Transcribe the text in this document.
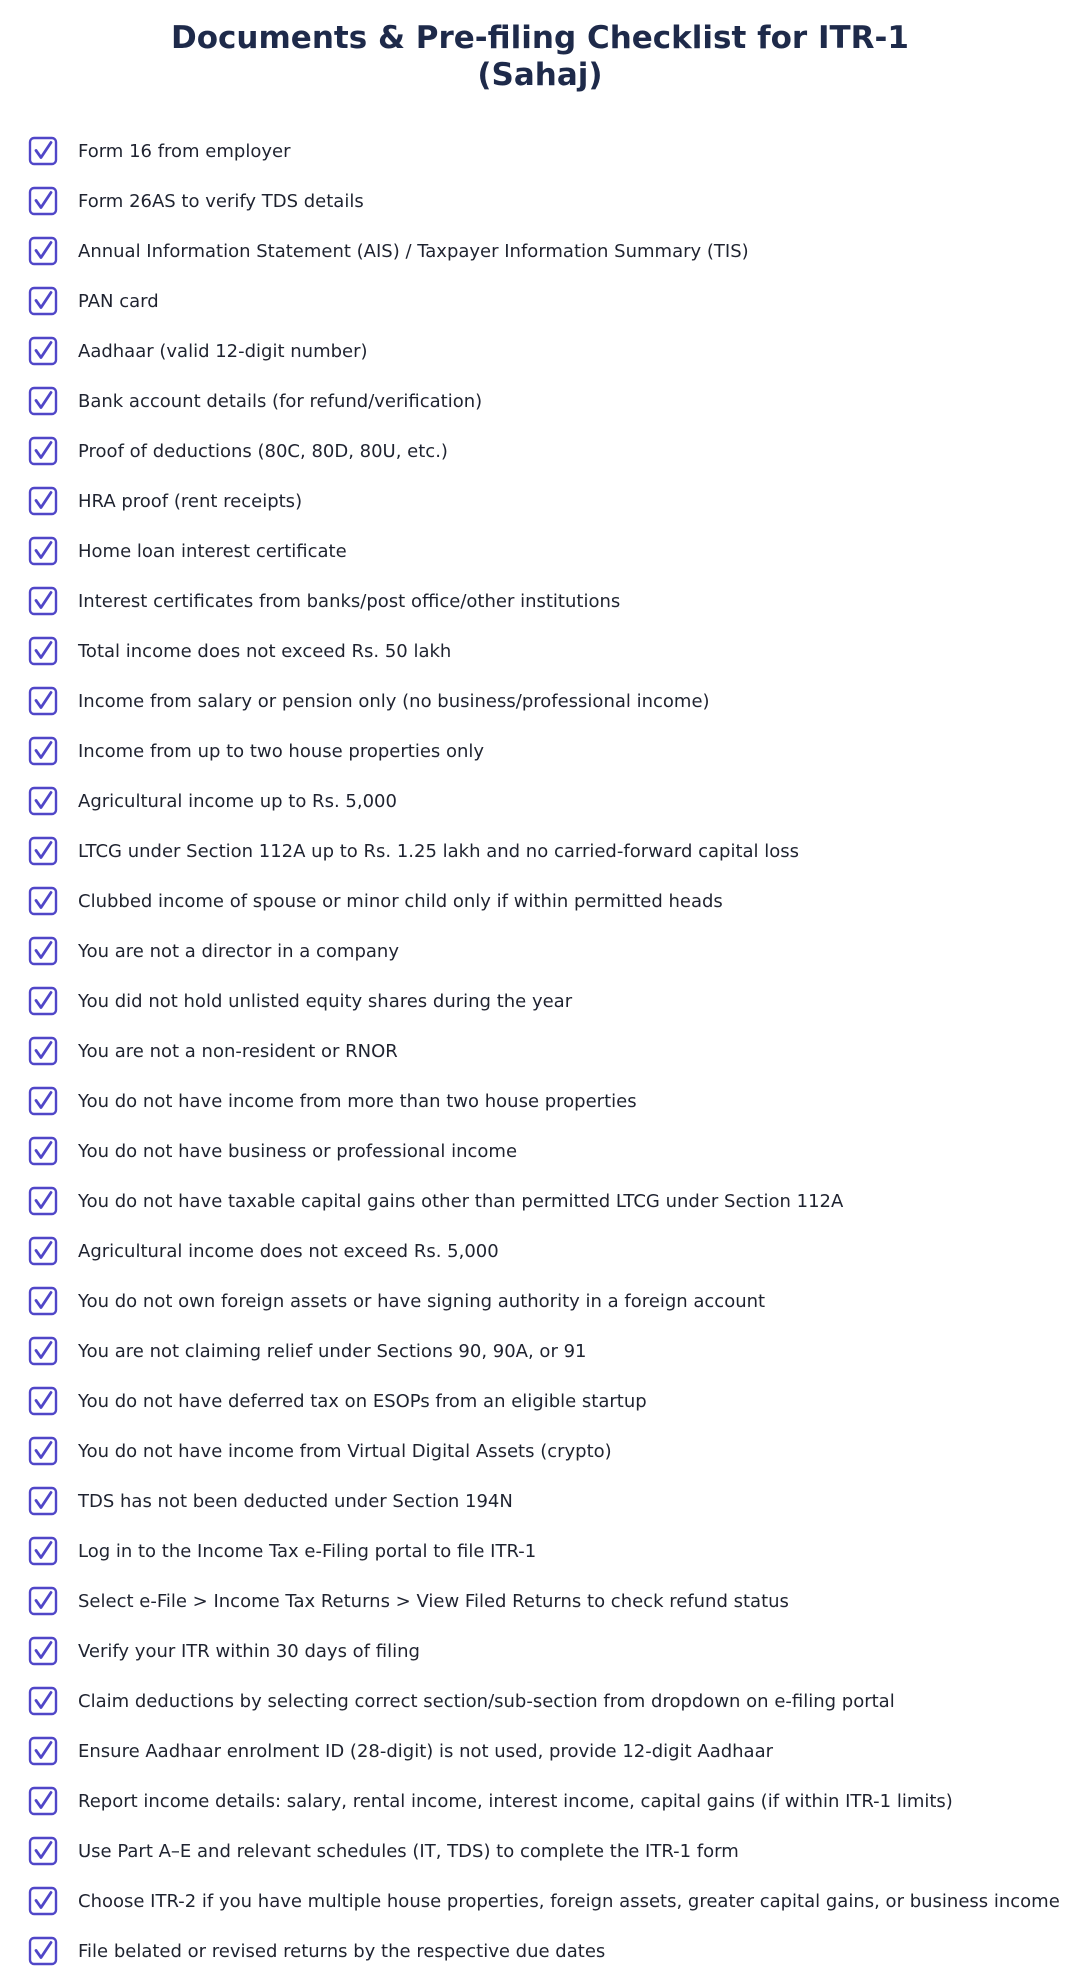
Documents & Pre-filing Checklist for ITR-1
(Sahaj)
Form 16 from employer
Form 26AS to verify TDS details
Annual Information Statement (AIS) / Taxpayer Information Summary (TIS)
PAN card
Aadhaar (valid 12-digit number)
Bank account details (for refund/verification)
Proof of deductions (80C, 80D, 80U, etc.)
HRA proof (rent receipts)
Home loan interest certificate
Interest certificates from banks/post office/other institutions
Total income does not exceed Rs. 50 lakh
Income from salary or pension only (no business/professional income)
Income from up to two house properties only
Agricultural income up to Rs. 5,000
LTCG under Section 112A up to Rs. 1.25 lakh and no carried-forward capital loss
Clubbed income of spouse or minor child only if within permitted heads
You are not a director in a company
You did not hold unlisted equity shares during the year
You are not a non-resident or RNOR
You do not have income from more than two house properties
You do not have business or professional income
You do not have taxable capital gains other than permitted LTCG under Section 112A
Agricultural income does not exceed Rs. 5,000
You do not own foreign assets or have signing authority in a foreign account
You are not claiming relief under Sections 90, 90A, or 91
You do not have deferred tax on ESOPs from an eligible startup
You do not have income from Virtual Digital Assets (crypto)
TDS has not been deducted under Section 194N
Log in to the Income Tax e-Filing portal to file ITR-1
Select e-File > Income Tax Returns > View Filed Returns to check refund status
Verify your ITR within 30 days of filing
Claim deductions by selecting correct section/sub-section from dropdown on e-filing portal
Ensure Aadhaar enrolment ID (28-digit) is not used, provide 12-digit Aadhaar
Report income details: salary, rental income, interest income, capital gains (if within ITR-1 limits)
Use Part A–E and relevant schedules (IT, TDS) to complete the ITR-1 form
Choose ITR-2 if you have multiple house properties, foreign assets, greater capital gains, or business income
File belated or revised returns by the respective due dates
